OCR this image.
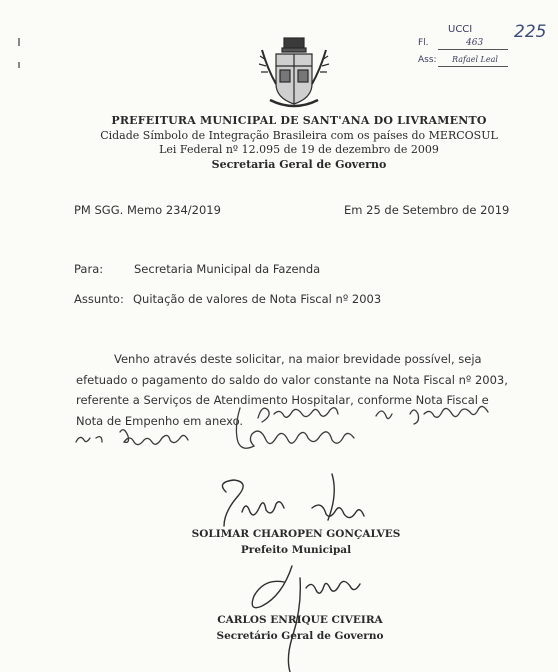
UCCI
Fl.	463
Ass: Rafael Leal
225
PREFEITURA MUNICIPAL DE SANT'ANA DO LIVRAMENTO
Cidade Símbolo de Integração Brasileira com os países do MERCOSUL
Lei Federal nº 12.095 de 19 de dezembro de 2009
Secretaria Geral de Governo
PM SGG. Memo 234/2019	Em 25 de Setembro de 2019
Para:	Secretaria Municipal da Fazenda
Assunto: Quitação de valores de Nota Fiscal nº 2003
Venho através deste solicitar, na maior brevidade possível, seja
efetuado o pagamento do saldo do valor constante na Nota Fiscal nº 2003,
referente a Serviços de Atendimento Hospitalar, conforme Nota Fiscal e
Nota de Empenho em anexo.
SOLIMAR CHAROPEN GONÇALVES
Prefeito Municipal
CARLOS ENRIQUE CIVEIRA
Secretário Geral de Governo
